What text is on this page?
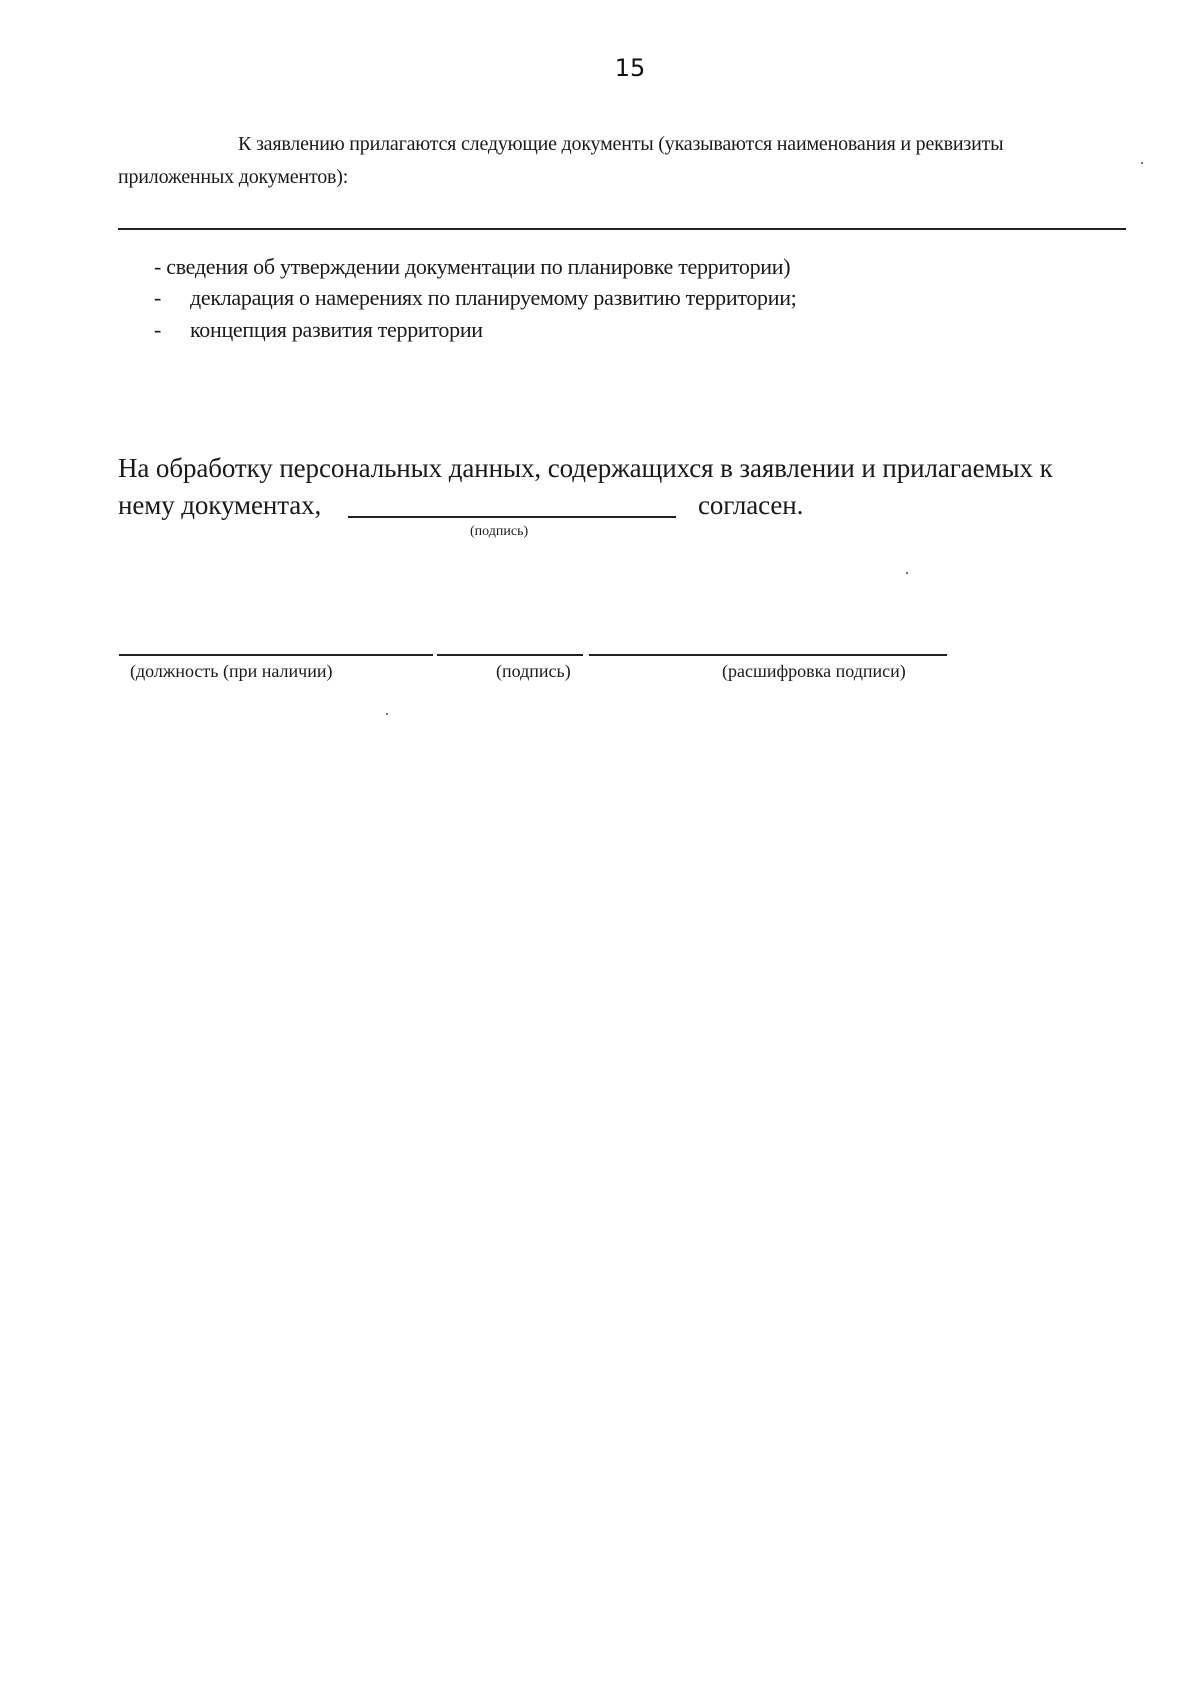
15
К заявлению прилагаются следующие документы (указываются наименования и реквизиты
приложенных документов):
- сведения об утверждении документации по планировке территории)
- декларация о намерениях по планируемому развитию территории;
- концепция развития территории
На обработку персональных данных, содержащихся в заявлении и прилагаемых к
нему документах,	согласен.
(подпись)
(должность (при наличии)	(подпись)	(расшифровка подписи)
